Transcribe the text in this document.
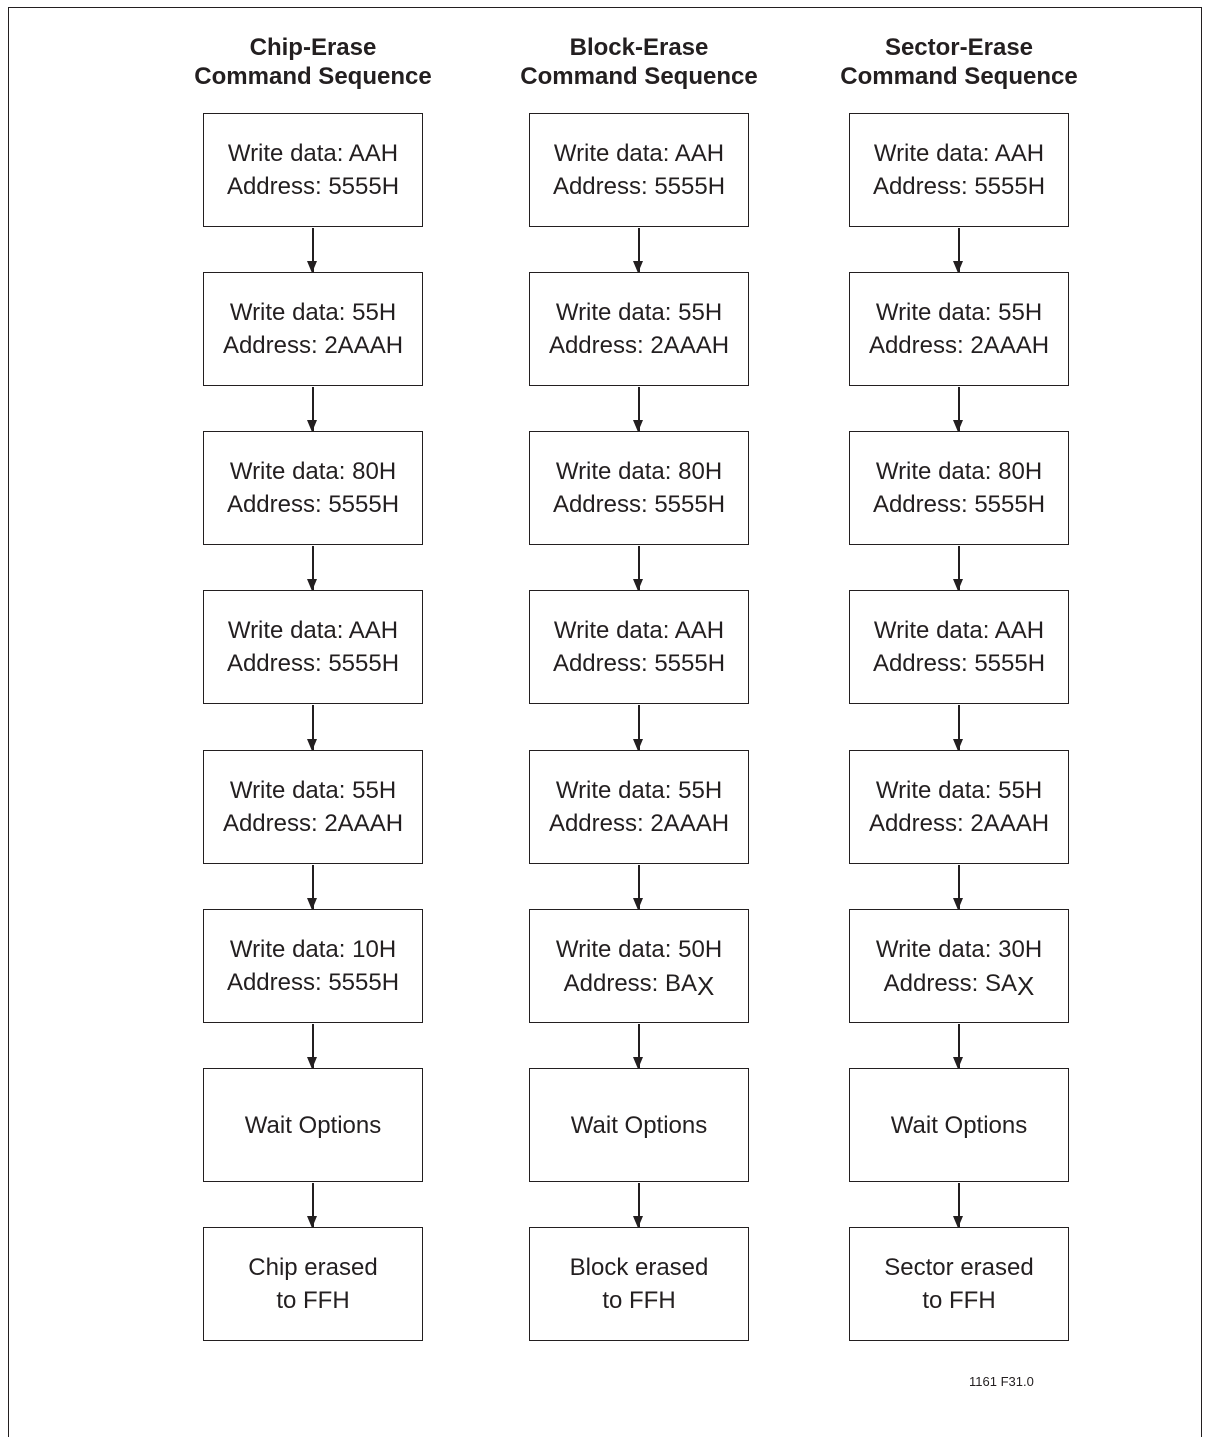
Chip-Erase
Command Sequence
Write data: AAH
Address: 5555H
Write data: 55H
Address: 2AAAH
Write data: 80H
Address: 5555H
Write data: AAH
Address: 5555H
Write data: 55H
Address: 2AAAH
Write data: 10H
Address: 5555H
Wait Options
Chip erased
to FFH
Block-Erase
Command Sequence
Write data: AAH
Address: 5555H
Write data: 55H
Address: 2AAAH
Write data: 80H
Address: 5555H
Write data: AAH
Address: 5555H
Write data: 55H
Address: 2AAAH
Write data: 50H
Address: BAX
Wait Options
Block erased
to FFH
Sector-Erase
Command Sequence
Write data: AAH
Address: 5555H
Write data: 55H
Address: 2AAAH
Write data: 80H
Address: 5555H
Write data: AAH
Address: 5555H
Write data: 55H
Address: 2AAAH
Write data: 30H
Address: SAX
Wait Options
Sector erased
to FFH
1161 F31.0
